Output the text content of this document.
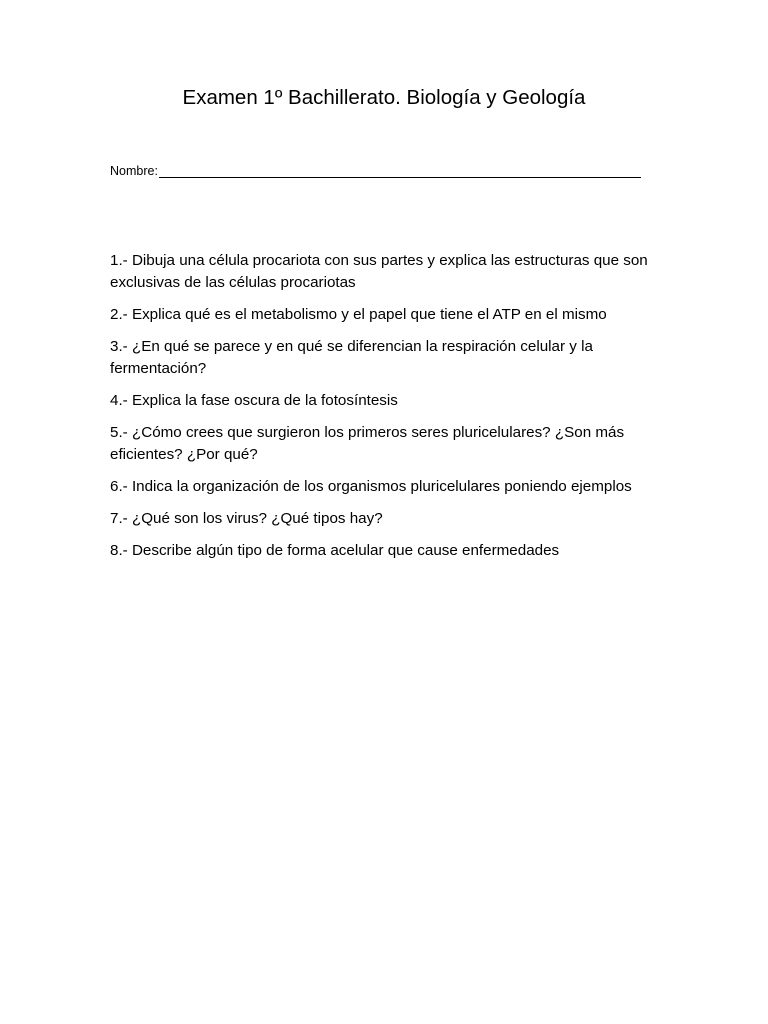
Examen 1º Bachillerato. Biología y Geología
Nombre:
1.- Dibuja una célula procariota con sus partes y explica las estructuras que son exclusivas de las células procariotas
2.- Explica qué es el metabolismo y el papel que tiene el ATP en el mismo
3.- ¿En qué se parece y en qué se diferencian la respiración celular y la fermentación?
4.- Explica la fase oscura de la fotosíntesis
5.- ¿Cómo crees que surgieron los primeros seres pluricelulares? ¿Son más eficientes? ¿Por qué?
6.- Indica la organización de los organismos pluricelulares poniendo ejemplos
7.- ¿Qué son los virus? ¿Qué tipos hay?
8.- Describe algún tipo de forma acelular que cause enfermedades
